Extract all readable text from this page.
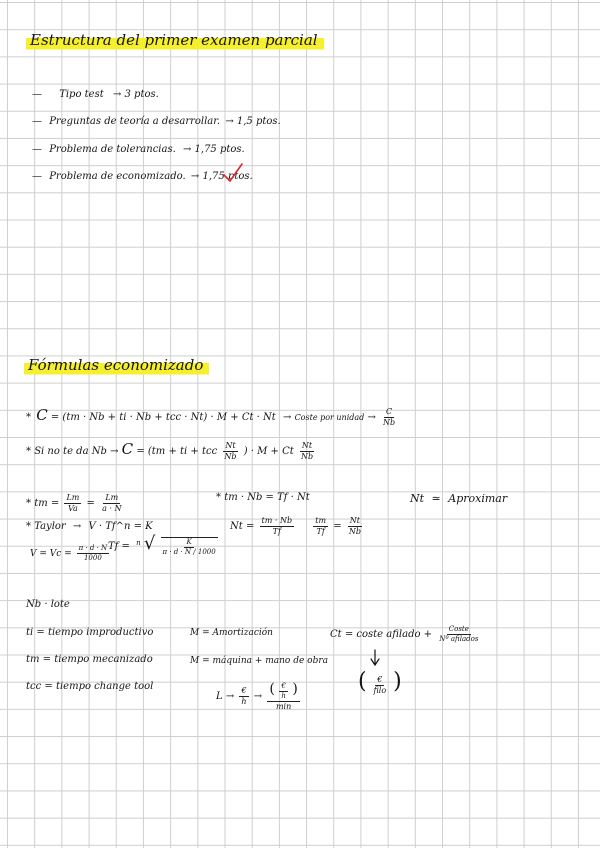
Estructura del primer examen parcial
— Tipo test → 3 ptos.
— Preguntas de teoría a desarrollar. → 1,5 ptos.
— Problema de tolerancias. → 1,75 ptos.
— Problema de economizado. → 1,75 ptos.
Fórmulas economizado
* C = (tm · Nb + ti · Nb + tcc · Nt) · M + Ct · Nt → Coste por unidad → $\frac{C}{Nb}$
* Si no te da Nb → C = (tm + ti + tcc $\frac{Nt}{Nb}$ ) · M + Ct $\frac{Nt}{Nb}$
* tm = $\frac{Lm}{Va} = \frac{Lm}{a \cdot N}$
* Taylor → V · Tf^n = K
$V = Vc = \frac{\pi \cdot d \cdot N}{1000}$
Tf = $^n$ √ $\frac{K}{\pi \cdot d \cdot N / 1000}$
* tm · Nb = Tf · Nt
$Nt = \frac{tm \cdot Nb}{Tf}$
$\frac{tm}{Tf} = \frac{Nt}{Nb}$
Nt ≃ Aproximar
Nb · lote
ti = tiempo improductivo
tm = tiempo mecanizado
tcc = tiempo change tool
M = Amortización
M = máquina + mano de obra
Ct = coste afilado + $\frac{\text{Coste}}{\text{Nº afilados}}$
( $\frac{€}{\text{filo}}$ )
$L \to \frac{€}{h} \to \frac{( \frac{€}{h} )}{\min}$
